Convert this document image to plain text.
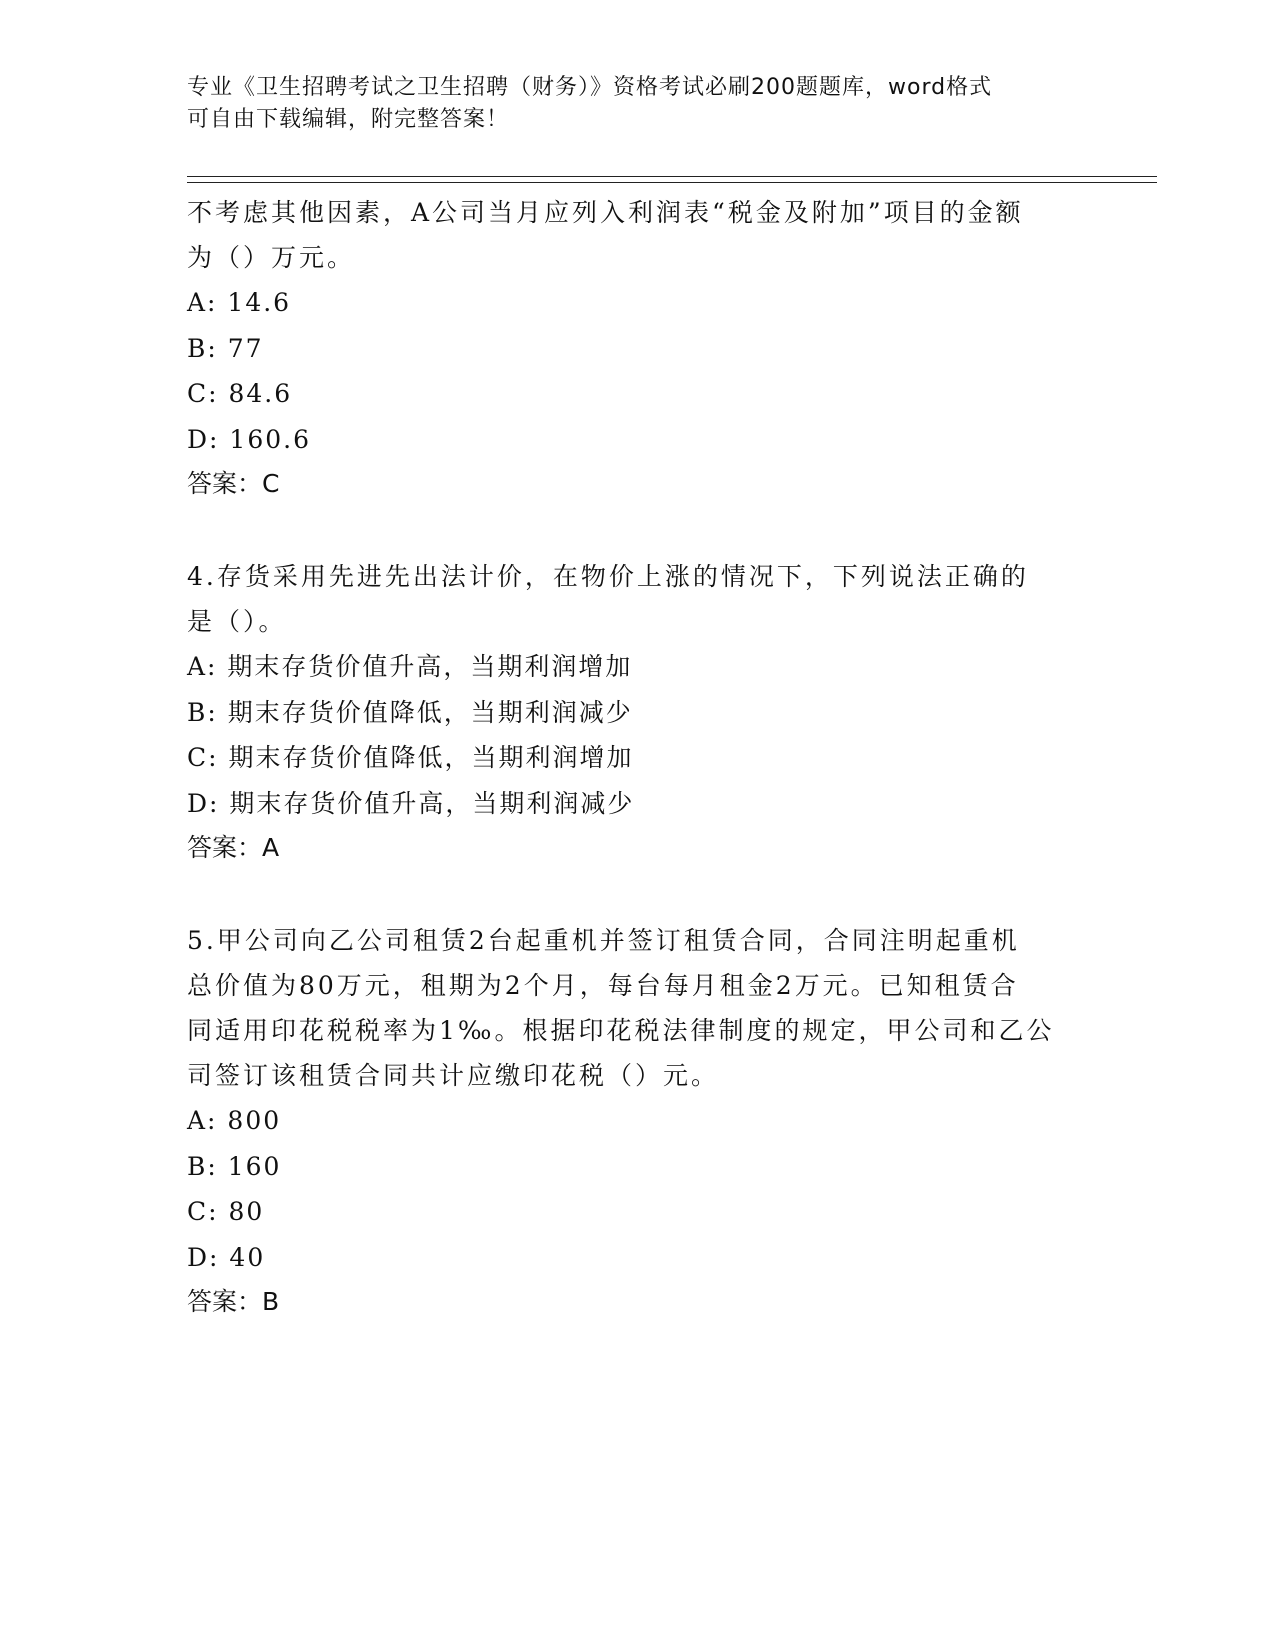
专业《卫生招聘考试之卫生招聘（财务）》资格考试必刷200题题库，word格式
可自由下载编辑，附完整答案！
不考虑其他因素，A公司当月应列入利润表“税金及附加”项目的金额
为（）万元。
A: 14.6
B: 77
C: 84.6
D: 160.6
答案：C
4.存货采用先进先出法计价，在物价上涨的情况下，下列说法正确的
是（）。
A: 期末存货价值升高，当期利润增加
B: 期末存货价值降低，当期利润减少
C: 期末存货价值降低，当期利润增加
D: 期末存货价值升高，当期利润减少
答案：A
5.甲公司向乙公司租赁2台起重机并签订租赁合同，合同注明起重机
总价值为80万元，租期为2个月，每台每月租金2万元。已知租赁合
同适用印花税税率为1‰。根据印花税法律制度的规定，甲公司和乙公
司签订该租赁合同共计应缴印花税（）元。
A: 800
B: 160
C: 80
D: 40
答案：B
